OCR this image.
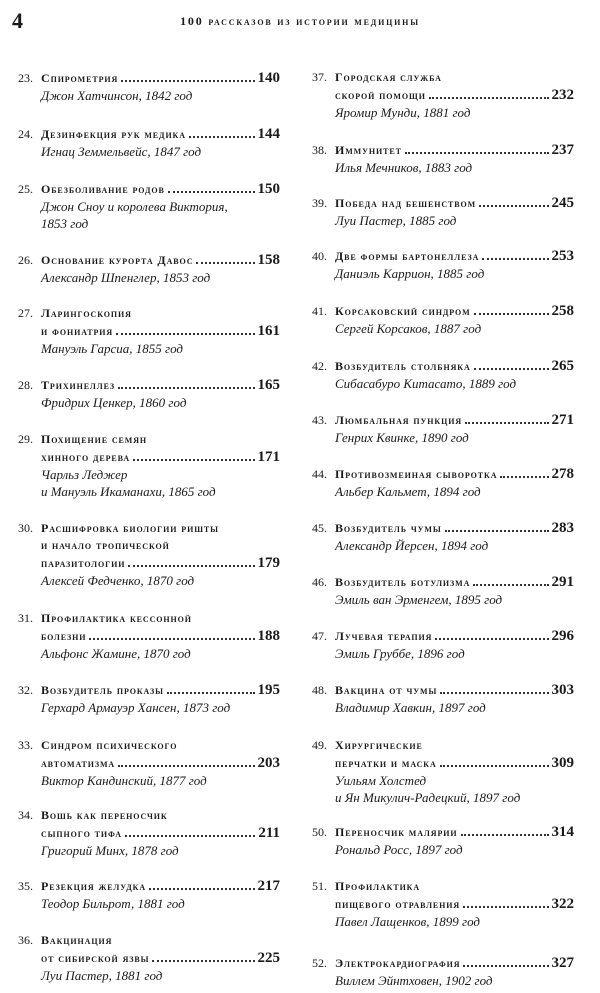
4	100 рассказов из истории медицины
23. Спирометрия	140
Джон Хатчинсон, 1842 год
24. Дезинфекция рук медика	144
Игнац Земмельвейс, 1847 год
25. Обезболивание родов	150
Джон Сноу и королева Виктория,
1853 год
26. Основание курорта Давос	158
Александр Шпенглер, 1853 год
27. Ларингоскопия
и фониатрия	161
Мануэль Гарсиа, 1855 год
28. Трихинеллез	165
Фридрих Ценкер, 1860 год
29. Похищение семян
хинного дерева	171
Чарльз Леджер
и Мануэль Икаманахи, 1865 год
30. Расшифровка биологии ришты
и начало тропической
паразитологии	179
Алексей Федченко, 1870 год
31. Профилактика кессонной
болезни	188
Альфонс Жамине, 1870 год
32. Возбудитель проказы	195
Герхард Армауэр Хансен, 1873 год
33. Синдром психического
автоматизма	203
Виктор Кандинский, 1877 год
34. Вошь как переносчик
сыпного тифа	211
Григорий Минх, 1878 год
35. Резекция желудка	217
Теодор Бильрот, 1881 год
36. Вакцинация
от сибирской язвы	225
Луи Пастер, 1881 год
37. Городская служба
скорой помощи	232
Яромир Мунди, 1881 год
38. Иммунитет	237
Илья Мечников, 1883 год
39. Победа над бешенством	245
Луи Пастер, 1885 год
40. Две формы бартонеллеза	253
Даниэль Каррион, 1885 год
41. Корсаковский синдром	258
Сергей Корсаков, 1887 год
42. Возбудитель столбняка	265
Сибасабуро Китасато, 1889 год
43. Люмбальная пункция	271
Генрих Квинке, 1890 год
44. Противозмеиная сыворотка	278
Альбер Кальмет, 1894 год
45. Возбудитель чумы	283
Александр Йерсен, 1894 год
46. Возбудитель ботулизма	291
Эмиль ван Эрменгем, 1895 год
47. Лучевая терапия	296
Эмиль Груббе, 1896 год
48. Вакцина от чумы	303
Владимир Хавкин, 1897 год
49. Хирургические
перчатки и маска	309
Уильям Холстед
и Ян Микулич-Радецкий, 1897 год
50. Переносчик малярии	314
Рональд Росс, 1897 год
51. Профилактика
пищевого отравления	322
Павел Лащенков, 1899 год
52. Электрокардиография	327
Виллем Эйнтховен, 1902 год
